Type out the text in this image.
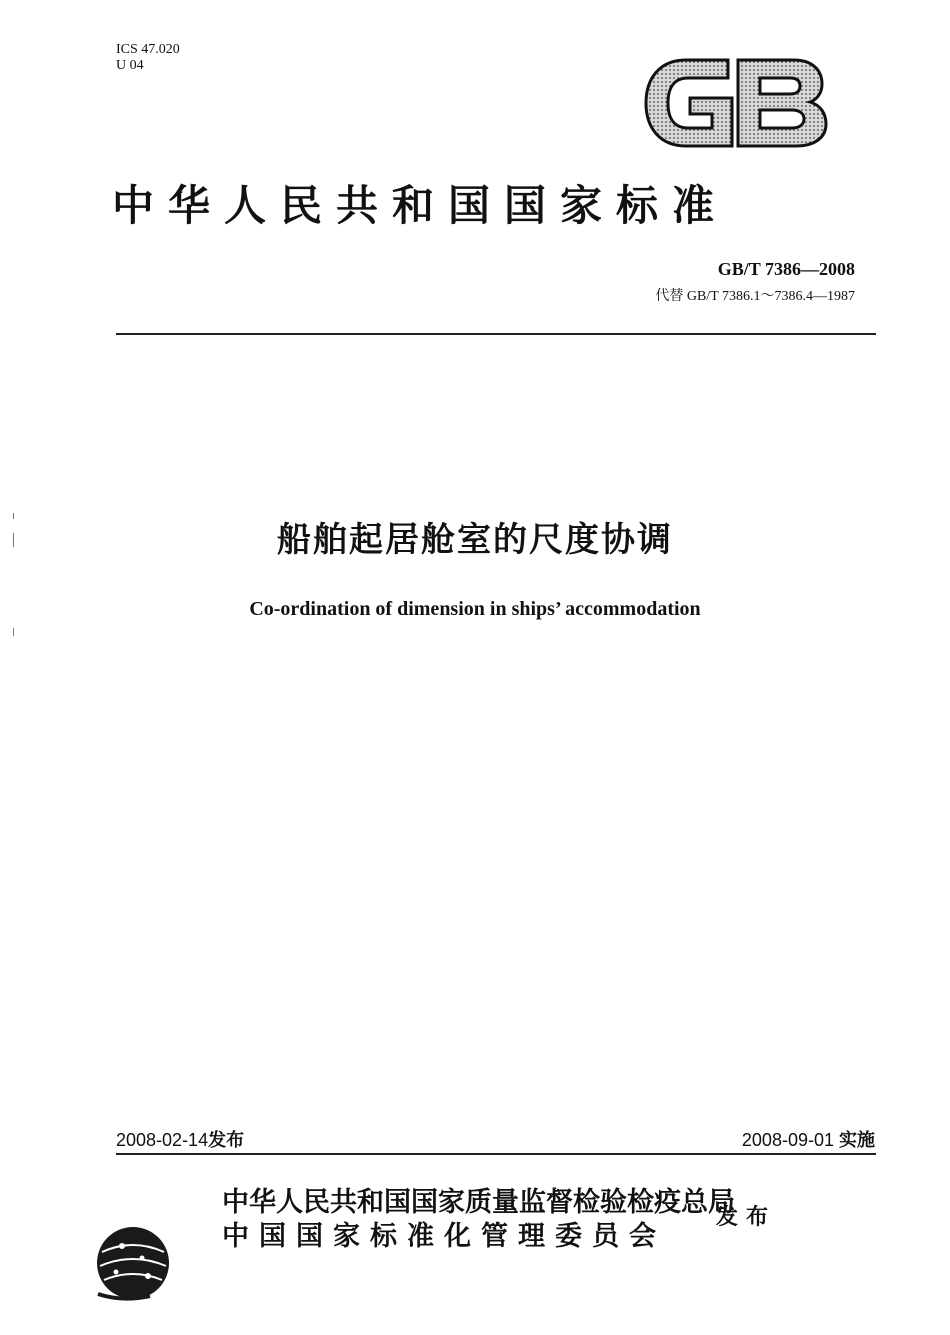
ICS 47.020
U 04
中华人民共和国国家标准
GB/T 7386—2008
代替 GB/T 7386.1～7386.4—1987
船舶起居舱室的尺度协调
Co-ordination of dimension in ships’ accommodation
2008-02-14发布	2008-09-01 实施
中华人民共和国国家质量监督检验检疫总局
中国国家标准化管理委员会
发布
